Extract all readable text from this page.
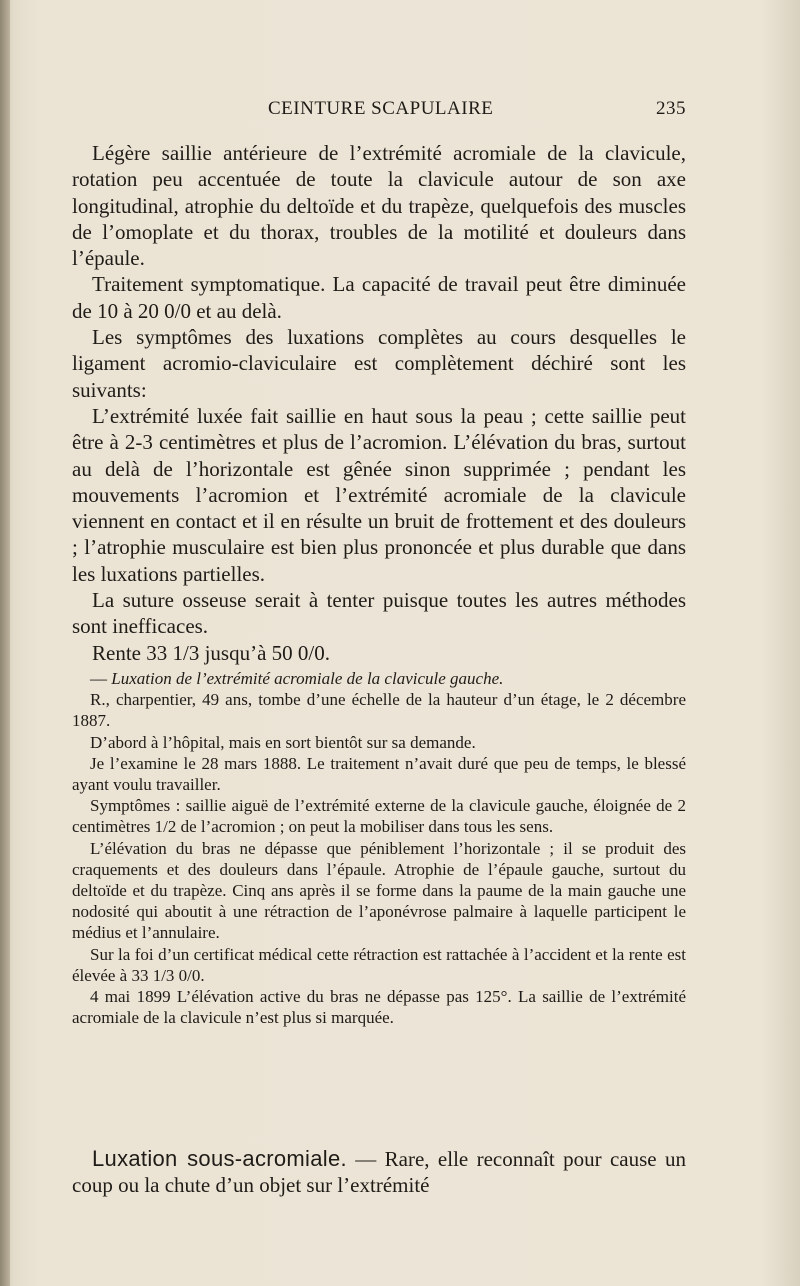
CEINTURE SCAPULAIRE	235

Légère saillie antérieure de l’extrémité acromiale de la clavicule, rotation peu accentuée de toute la clavicule autour de son axe longitudinal, atrophie du deltoïde et du trapèze, quelquefois des muscles de l’omoplate et du thorax, troubles de la motilité et douleurs dans l’épaule.

Traitement symptomatique. La capacité de travail peut être diminuée de 10 à 20 0/0 et au delà.

Les symptômes des luxations complètes au cours desquelles le ligament acromio-claviculaire est complètement déchiré sont les suivants:

L’extrémité luxée fait saillie en haut sous la peau ; cette saillie peut être à 2-3 centimètres et plus de l’acromion. L’élévation du bras, surtout au delà de l’horizontale est gênée sinon supprimée ; pendant les mouvements l’acromion et l’extrémité acromiale de la clavicule viennent en contact et il en résulte un bruit de frottement et des douleurs ; l’atrophie musculaire est bien plus prononcée et plus durable que dans les luxations partielles.

La suture osseuse serait à tenter puisque toutes les autres méthodes sont inefficaces.

Rente 33 1/3 jusqu’à 50 0/0.

— Luxation de l’extrémité acromiale de la clavicule gauche.

R., charpentier, 49 ans, tombe d’une échelle de la hauteur d’un étage, le 2 décembre 1887.

D’abord à l’hôpital, mais en sort bientôt sur sa demande.

Je l’examine le 28 mars 1888. Le traitement n’avait duré que peu de temps, le blessé ayant voulu travailler.

Symptômes : saillie aiguë de l’extrémité externe de la clavicule gauche, éloignée de 2 centimètres 1/2 de l’acromion ; on peut la mobiliser dans tous les sens.

L’élévation du bras ne dépasse que péniblement l’horizontale ; il se produit des craquements et des douleurs dans l’épaule. Atrophie de l’épaule gauche, surtout du deltoïde et du trapèze. Cinq ans après il se forme dans la paume de la main gauche une nodosité qui aboutit à une rétraction de l’aponévrose palmaire à laquelle participent le médius et l’annulaire.

Sur la foi d’un certificat médical cette rétraction est rattachée à l’accident et la rente est élevée à 33 1/3 0/0.

4 mai 1899 L’élévation active du bras ne dépasse pas 125°. La saillie de l’extrémité acromiale de la clavicule n’est plus si marquée.

Luxation sous-acromiale. — Rare, elle reconnaît pour cause un coup ou la chute d’un objet sur l’extrémité
